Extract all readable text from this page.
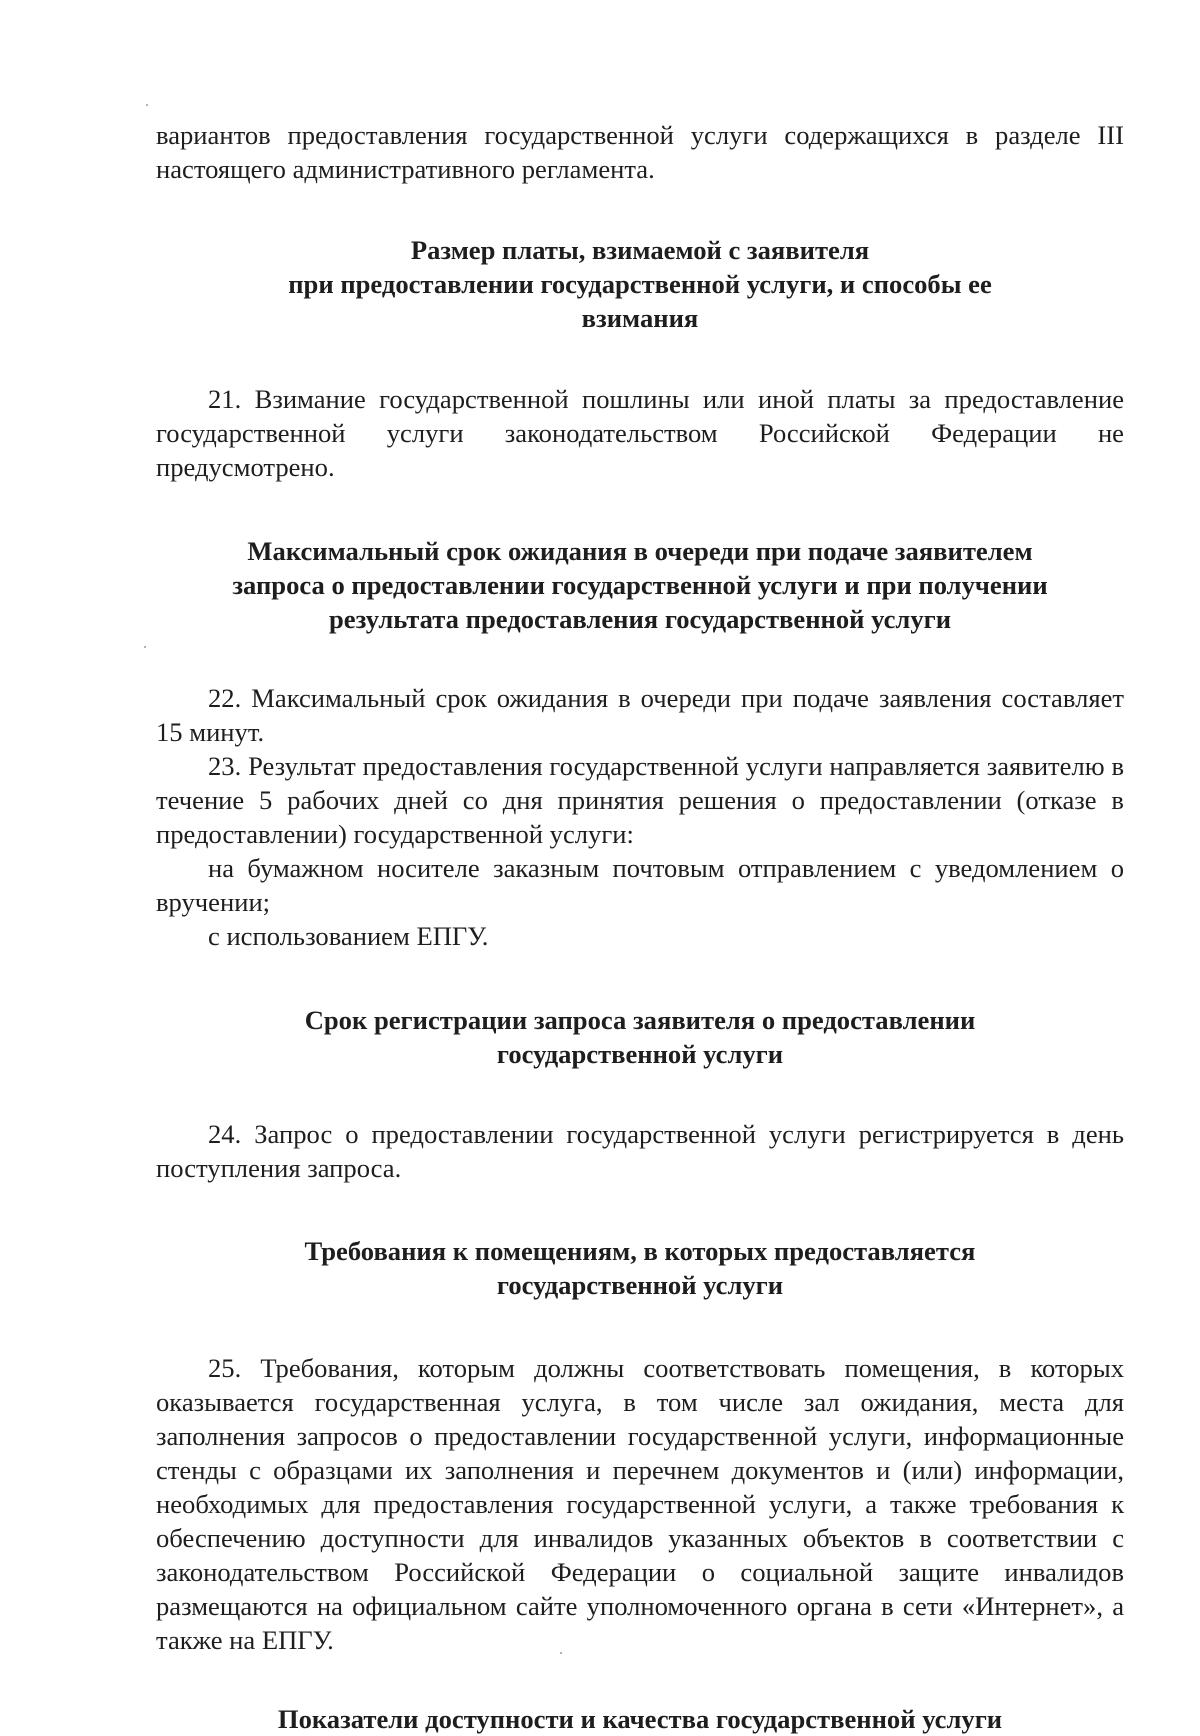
вариантов предоставления государственной услуги содержащихся в разделе III настоящего административного регламента.

Размер платы, взимаемой с заявителя
при предоставлении государственной услуги, и способы ее
взимания

21. Взимание государственной пошлины или иной платы за предоставление государственной услуги законодательством Российской Федерации не предусмотрено.

Максимальный срок ожидания в очереди при подаче заявителем
запроса о предоставлении государственной услуги и при получении
результата предоставления государственной услуги

22. Максимальный срок ожидания в очереди при подаче заявления составляет 15 минут.

23. Результат предоставления государственной услуги направляется заявителю в течение 5 рабочих дней со дня принятия решения о предоставлении (отказе в предоставлении) государственной услуги:

на бумажном носителе заказным почтовым отправлением с уведомлением о вручении;

с использованием ЕПГУ.

Срок регистрации запроса заявителя о предоставлении
государственной услуги

24. Запрос о предоставлении государственной услуги регистрируется в день поступления запроса.

Требования к помещениям, в которых предоставляется
государственной услуги

25. Требования, которым должны соответствовать помещения, в которых оказывается государственная услуга, в том числе зал ожидания, места для заполнения запросов о предоставлении государственной услуги, информационные стенды с образцами их заполнения и перечнем документов и (или) информации, необходимых для предоставления государственной услуги, а также требования к обеспечению доступности для инвалидов указанных объектов в соответствии с законодательством Российской Федерации о социальной защите инвалидов размещаются на официальном сайте уполномоченного органа в сети «Интернет», а также на ЕПГУ.

Показатели доступности и качества государственной услуги
